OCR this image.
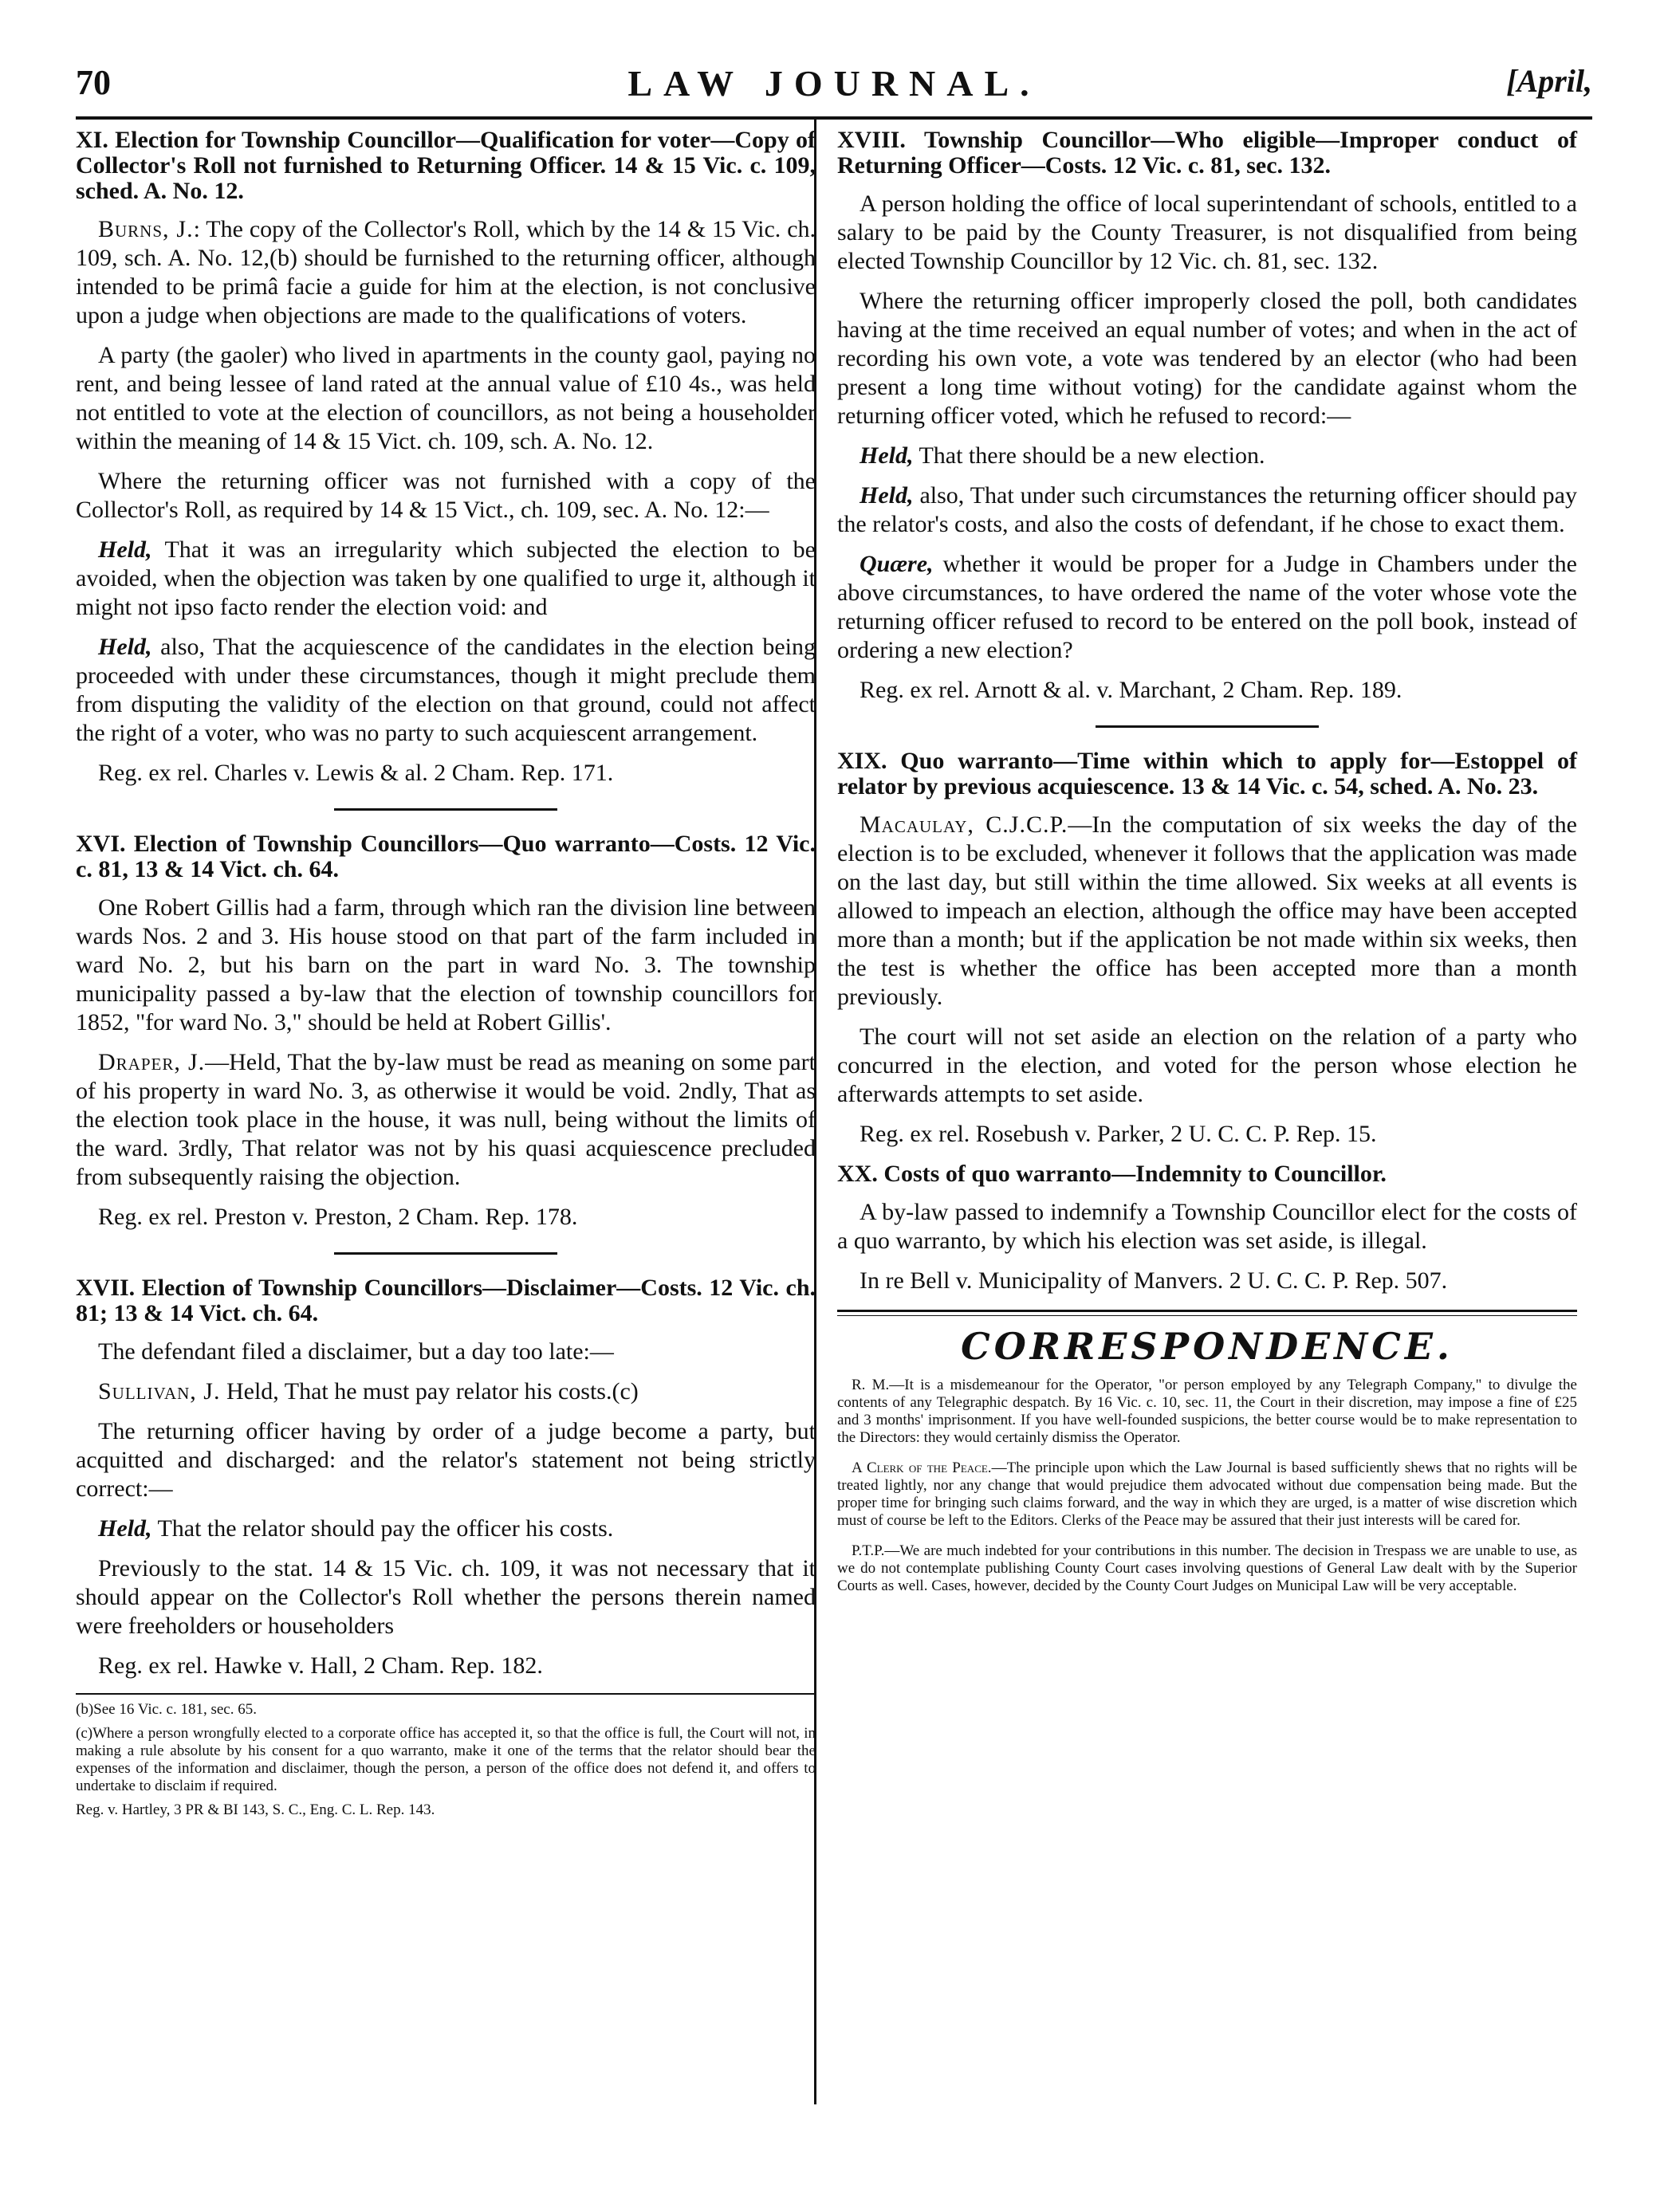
70	LAW JOURNAL.	[April,

XI. Election for Township Councillor—Qualification for voter—Copy of Collector's Roll not furnished to Returning Officer. 14 & 15 Vic. c. 109, sched. A. No. 12.

Burns, J.: The copy of the Collector's Roll, which by the 14 & 15 Vic. ch. 109, sch. A. No. 12,(b) should be furnished to the returning officer, although intended to be primâ facie a guide for him at the election, is not conclusive upon a judge when objections are made to the qualifications of voters.

A party (the gaoler) who lived in apartments in the county gaol, paying no rent, and being lessee of land rated at the annual value of £10 4s., was held not entitled to vote at the election of councillors, as not being a householder within the meaning of 14 & 15 Vict. ch. 109, sch. A. No. 12.

Where the returning officer was not furnished with a copy of the Collector's Roll, as required by 14 & 15 Vict., ch. 109, sec. A. No. 12:—

Held, That it was an irregularity which subjected the election to be avoided, when the objection was taken by one qualified to urge it, although it might not ipso facto render the election void: and

Held, also, That the acquiescence of the candidates in the election being proceeded with under these circumstances, though it might preclude them from disputing the validity of the election on that ground, could not affect the right of a voter, who was no party to such acquiescent arrangement.

Reg. ex rel. Charles v. Lewis & al. 2 Cham. Rep. 171.

XVI. Election of Township Councillors—Quo warranto—Costs. 12 Vic. c. 81, 13 & 14 Vict. ch. 64.

One Robert Gillis had a farm, through which ran the division line between wards Nos. 2 and 3. His house stood on that part of the farm included in ward No. 2, but his barn on the part in ward No. 3. The township municipality passed a by-law that the election of township councillors for 1852, "for ward No. 3," should be held at Robert Gillis'.

Draper, J.—Held, That the by-law must be read as meaning on some part of his property in ward No. 3, as otherwise it would be void. 2ndly, That as the election took place in the house, it was null, being without the limits of the ward. 3rdly, That relator was not by his quasi acquiescence precluded from subsequently raising the objection.

Reg. ex rel. Preston v. Preston, 2 Cham. Rep. 178.

XVII. Election of Township Councillors—Disclaimer—Costs. 12 Vic. ch. 81; 13 & 14 Vict. ch. 64.

The defendant filed a disclaimer, but a day too late:—

Sullivan, J. Held, That he must pay relator his costs.(c)

The returning officer having by order of a judge become a party, but acquitted and discharged: and the relator's statement not being strictly correct:—

Held, That the relator should pay the officer his costs.

Previously to the stat. 14 & 15 Vic. ch. 109, it was not necessary that it should appear on the Collector's Roll whether the persons therein named were freeholders or householders

Reg. ex rel. Hawke v. Hall, 2 Cham. Rep. 182.

(b)See 16 Vic. c. 181, sec. 65.

(c)Where a person wrongfully elected to a corporate office has accepted it, so that the office is full, the Court will not, in making a rule absolute by his consent for a quo warranto, make it one of the terms that the relator should bear the expenses of the information and disclaimer, though the person, a person of the office does not defend it, and offers to undertake to disclaim if required.

Reg. v. Hartley, 3 PR & BI 143, S. C., Eng. C. L. Rep. 143.

XVIII. Township Councillor—Who eligible—Improper conduct of Returning Officer—Costs. 12 Vic. c. 81, sec. 132.

A person holding the office of local superintendant of schools, entitled to a salary to be paid by the County Treasurer, is not disqualified from being elected Township Councillor by 12 Vic. ch. 81, sec. 132.

Where the returning officer improperly closed the poll, both candidates having at the time received an equal number of votes; and when in the act of recording his own vote, a vote was tendered by an elector (who had been present a long time without voting) for the candidate against whom the returning officer voted, which he refused to record:—

Held, That there should be a new election.

Held, also, That under such circumstances the returning officer should pay the relator's costs, and also the costs of defendant, if he chose to exact them.

Quære, whether it would be proper for a Judge in Chambers under the above circumstances, to have ordered the name of the voter whose vote the returning officer refused to record to be entered on the poll book, instead of ordering a new election?

Reg. ex rel. Arnott & al. v. Marchant, 2 Cham. Rep. 189.

XIX. Quo warranto—Time within which to apply for—Estoppel of relator by previous acquiescence. 13 & 14 Vic. c. 54, sched. A. No. 23.

Macaulay, C.J.C.P.—In the computation of six weeks the day of the election is to be excluded, whenever it follows that the application was made on the last day, but still within the time allowed. Six weeks at all events is allowed to impeach an election, although the office may have been accepted more than a month; but if the application be not made within six weeks, then the test is whether the office has been accepted more than a month previously.

The court will not set aside an election on the relation of a party who concurred in the election, and voted for the person whose election he afterwards attempts to set aside.

Reg. ex rel. Rosebush v. Parker, 2 U. C. C. P. Rep. 15.

XX. Costs of quo warranto—Indemnity to Councillor.

A by-law passed to indemnify a Township Councillor elect for the costs of a quo warranto, by which his election was set aside, is illegal.

In re Bell v. Municipality of Manvers. 2 U. C. C. P. Rep. 507.

CORRESPONDENCE.

R. M.—It is a misdemeanour for the Operator, "or person employed by any Telegraph Company," to divulge the contents of any Telegraphic despatch. By 16 Vic. c. 10, sec. 11, the Court in their discretion, may impose a fine of £25 and 3 months' imprisonment. If you have well-founded suspicions, the better course would be to make representation to the Directors: they would certainly dismiss the Operator.

A Clerk of the Peace.—The principle upon which the Law Journal is based sufficiently shews that no rights will be treated lightly, nor any change that would prejudice them advocated without due compensation being made. But the proper time for bringing such claims forward, and the way in which they are urged, is a matter of wise discretion which must of course be left to the Editors. Clerks of the Peace may be assured that their just interests will be cared for.

P.T.P.—We are much indebted for your contributions in this number. The decision in Trespass we are unable to use, as we do not contemplate publishing County Court cases involving questions of General Law dealt with by the Superior Courts as well. Cases, however, decided by the County Court Judges on Municipal Law will be very acceptable.
